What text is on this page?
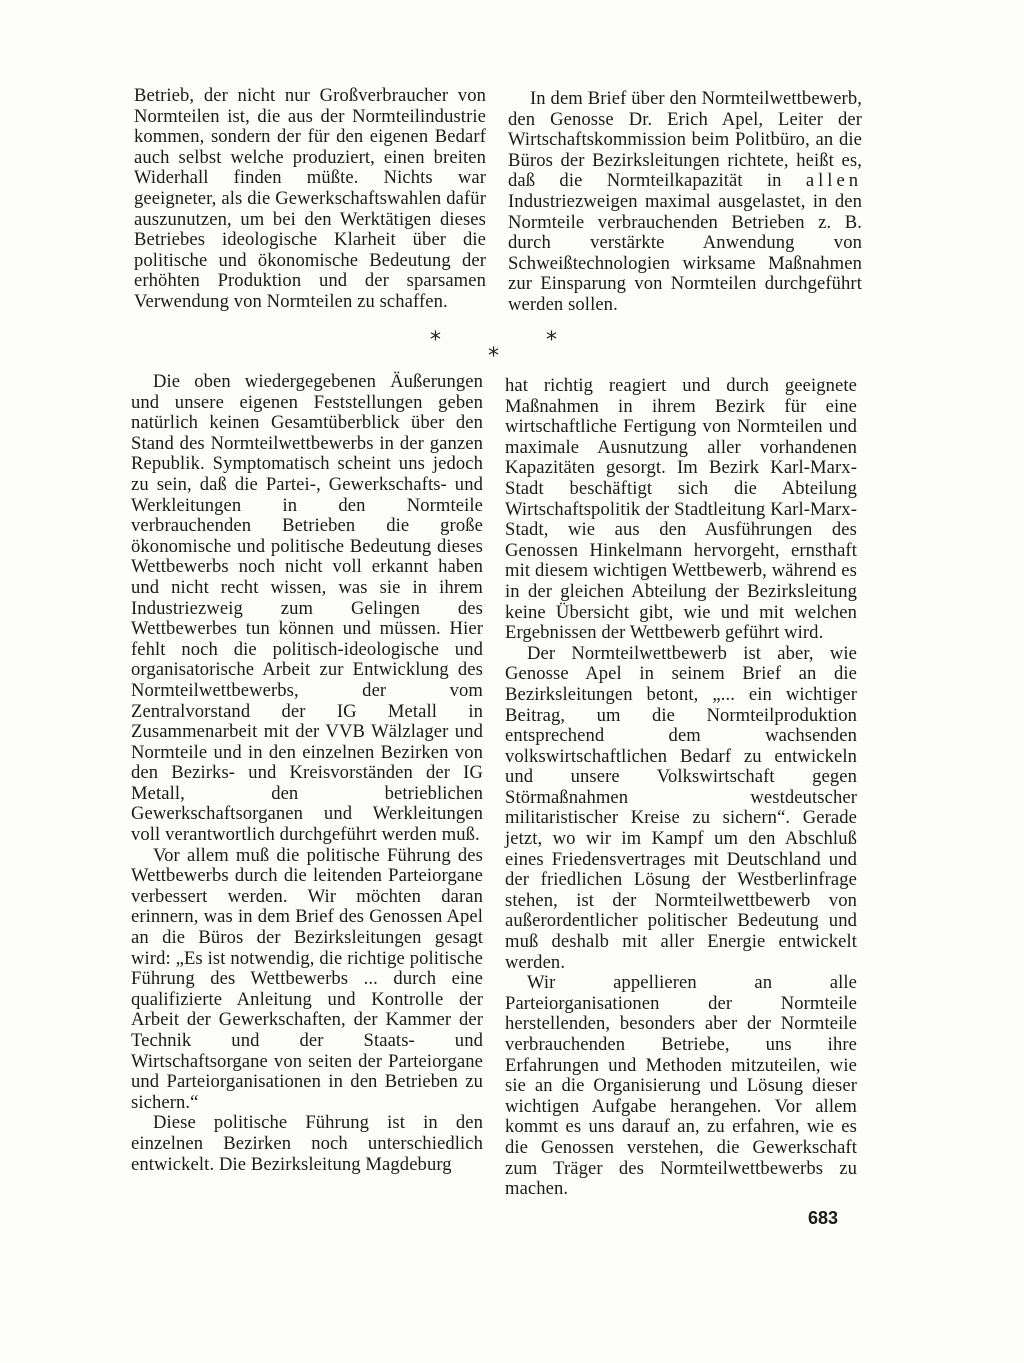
Betrieb, der nicht nur Großverbraucher von Normteilen ist, die aus der Normteilindustrie kommen, sondern der für den eigenen Bedarf auch selbst welche produziert, einen breiten Widerhall finden müßte. Nichts war geeigneter, als die Gewerkschaftswahlen dafür auszunutzen, um bei den Werktätigen dieses Betriebes ideologische Klarheit über die politische und ökonomische Bedeutung der erhöhten Produktion und der sparsamen Verwendung von Normteilen zu schaffen.

In dem Brief über den Normteilwettbewerb, den Genosse Dr. Erich Apel, Leiter der Wirtschaftskommission beim Politbüro, an die Büros der Bezirksleitungen richtete, heißt es, daß die Normteilkapazität in allen Industriezweigen maximal ausgelastet, in den Normteile verbrauchenden Betrieben z. B. durch verstärkte Anwendung von Schweißtechnologien wirksame Maßnahmen zur Einsparung von Normteilen durchgeführt werden sollen.

*
*
*

Die oben wiedergegebenen Äußerungen und unsere eigenen Feststellungen geben natürlich keinen Gesamtüberblick über den Stand des Normteilwettbewerbs in der ganzen Republik. Symptomatisch scheint uns jedoch zu sein, daß die Partei-, Gewerkschafts- und Werkleitungen in den Normteile verbrauchenden Betrieben die große ökonomische und politische Bedeutung dieses Wettbewerbs noch nicht voll erkannt haben und nicht recht wissen, was sie in ihrem Industriezweig zum Gelingen des Wettbewerbes tun können und müssen. Hier fehlt noch die politisch-ideologische und organisatorische Arbeit zur Entwicklung des Normteilwettbewerbs, der vom Zentralvorstand der IG Metall in Zusammenarbeit mit der VVB Wälzlager und Normteile und in den einzelnen Bezirken von den Bezirks- und Kreisvorständen der IG Metall, den betrieblichen Gewerkschaftsorganen und Werkleitungen voll verantwortlich durchgeführt werden muß.

Vor allem muß die politische Führung des Wettbewerbs durch die leitenden Parteiorgane verbessert werden. Wir möchten daran erinnern, was in dem Brief des Genossen Apel an die Büros der Bezirksleitungen gesagt wird: „Es ist notwendig, die richtige politische Führung des Wettbewerbs ... durch eine qualifizierte Anleitung und Kontrolle der Arbeit der Gewerkschaften, der Kammer der Technik und der Staats- und Wirtschaftsorgane von seiten der Parteiorgane und Parteiorganisationen in den Betrieben zu sichern.“

Diese politische Führung ist in den einzelnen Bezirken noch unterschiedlich entwickelt. Die Bezirksleitung Magdeburg

hat richtig reagiert und durch geeignete Maßnahmen in ihrem Bezirk für eine wirtschaftliche Fertigung von Normteilen und maximale Ausnutzung aller vorhandenen Kapazitäten gesorgt. Im Bezirk Karl-Marx-Stadt beschäftigt sich die Abteilung Wirtschaftspolitik der Stadtleitung Karl-Marx-Stadt, wie aus den Ausführungen des Genossen Hinkelmann hervorgeht, ernsthaft mit diesem wichtigen Wettbewerb, während es in der gleichen Abteilung der Bezirksleitung keine Übersicht gibt, wie und mit welchen Ergebnissen der Wettbewerb geführt wird.

Der Normteilwettbewerb ist aber, wie Genosse Apel in seinem Brief an die Bezirksleitungen betont, „... ein wichtiger Beitrag, um die Normteilproduktion entsprechend dem wachsenden volkswirtschaftlichen Bedarf zu entwickeln und unsere Volkswirtschaft gegen Störmaßnahmen westdeutscher militaristischer Kreise zu sichern“. Gerade jetzt, wo wir im Kampf um den Abschluß eines Friedensvertrages mit Deutschland und der friedlichen Lösung der Westberlinfrage stehen, ist der Normteilwettbewerb von außerordentlicher politischer Bedeutung und muß deshalb mit aller Energie entwickelt werden.

Wir appellieren an alle Parteiorganisationen der Normteile herstellenden, besonders aber der Normteile verbrauchenden Betriebe, uns ihre Erfahrungen und Methoden mitzuteilen, wie sie an die Organisierung und Lösung dieser wichtigen Aufgabe herangehen. Vor allem kommt es uns darauf an, zu erfahren, wie es die Genossen verstehen, die Gewerkschaft zum Träger des Normteilwettbewerbs zu machen.

683
